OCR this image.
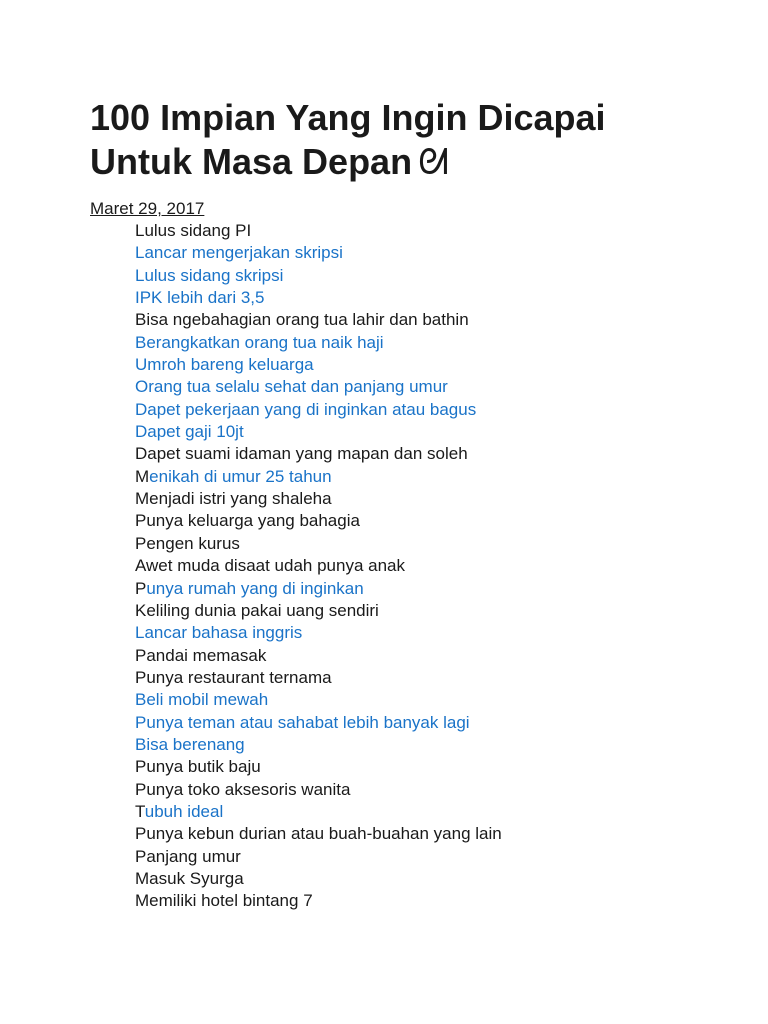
100 Impian Yang Ingin Dicapai
Untuk Masa Depan ᘛ
Maret 29, 2017
Lulus sidang PI
Lancar mengerjakan skripsi
Lulus sidang skripsi
IPK lebih dari 3,5
Bisa ngebahagian orang tua lahir dan bathin
Berangkatkan orang tua naik haji
Umroh bareng keluarga
Orang tua selalu sehat dan panjang umur
Dapet pekerjaan yang di inginkan atau bagus
Dapet gaji 10jt
Dapet suami idaman yang mapan dan soleh
Menikah di umur 25 tahun
Menjadi istri yang shaleha
Punya keluarga yang bahagia
Pengen kurus
Awet muda disaat udah punya anak
Punya rumah yang di inginkan
Keliling dunia pakai uang sendiri
Lancar bahasa inggris
Pandai memasak
Punya restaurant ternama
Beli mobil mewah
Punya teman atau sahabat lebih banyak lagi
Bisa berenang
Punya butik baju
Punya toko aksesoris wanita
Tubuh ideal
Punya kebun durian atau buah-buahan yang lain
Panjang umur
Masuk Syurga
Memiliki hotel bintang 7
